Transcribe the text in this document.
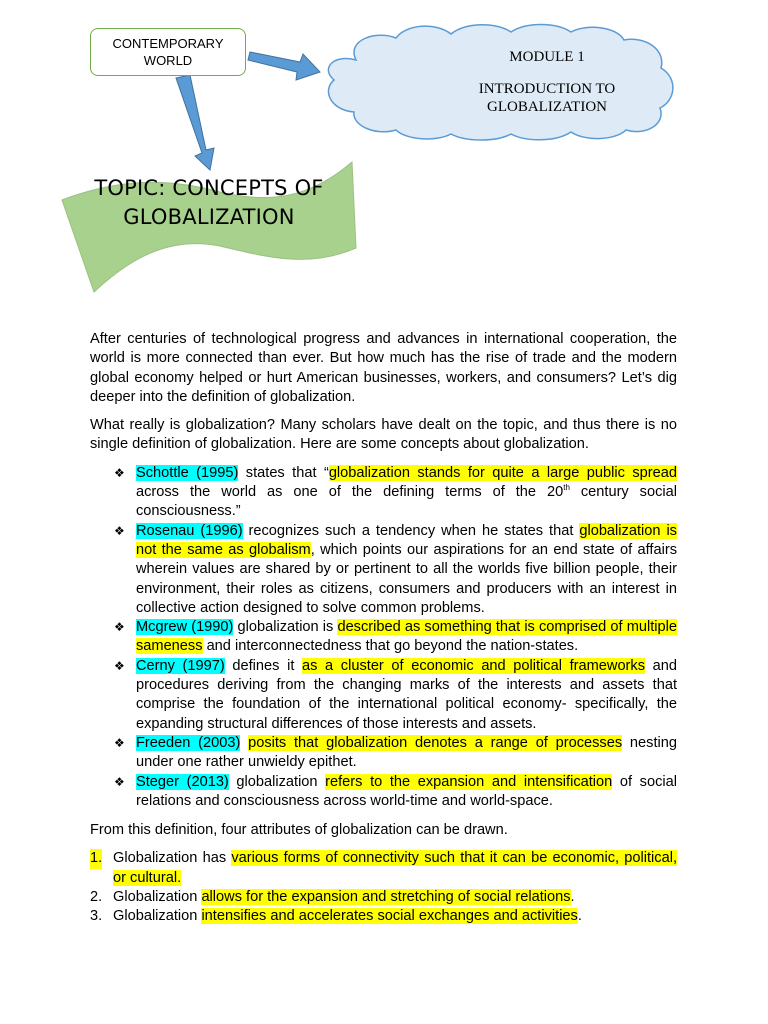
CONTEMPORARY WORLD	MODULE 1
INTRODUCTION TO GLOBALIZATION
TOPIC: CONCEPTS OF GLOBALIZATION

After centuries of technological progress and advances in international cooperation, the world is more connected than ever. But how much has the rise of trade and the modern global economy helped or hurt American businesses, workers, and consumers? Let’s dig deeper into the definition of globalization.

What really is globalization? Many scholars have dealt on the topic, and thus there is no single definition of globalization. Here are some concepts about globalization.

❖ Schottle (1995) states that “globalization stands for quite a large public spread across the world as one of the defining terms of the 20th century social consciousness.”
❖ Rosenau (1996) recognizes such a tendency when he states that globalization is not the same as globalism, which points our aspirations for an end state of affairs wherein values are shared by or pertinent to all the worlds five billion people, their environment, their roles as citizens, consumers and producers with an interest in collective action designed to solve common problems.
❖ Mcgrew (1990) globalization is described as something that is comprised of multiple sameness and interconnectedness that go beyond the nation-states.
❖ Cerny (1997) defines it as a cluster of economic and political frameworks and procedures deriving from the changing marks of the interests and assets that comprise the foundation of the international political economy- specifically, the expanding structural differences of those interests and assets.
❖ Freeden (2003) posits that globalization denotes a range of processes nesting under one rather unwieldy epithet.
❖ Steger (2013) globalization refers to the expansion and intensification of social relations and consciousness across world-time and world-space.

From this definition, four attributes of globalization can be drawn.

1. Globalization has various forms of connectivity such that it can be economic, political, or cultural.
2. Globalization allows for the expansion and stretching of social relations.
3. Globalization intensifies and accelerates social exchanges and activities.
